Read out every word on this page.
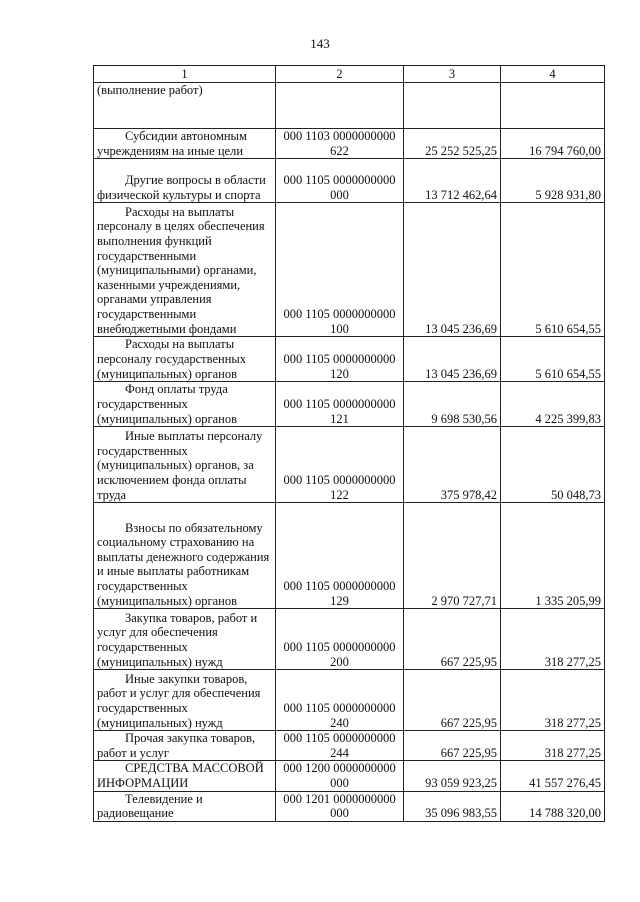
143
1	2	3	4
(выполнение работ)			

Субсидии автономным учреждениям на иные цели	000 1103 0000000000 622	25 252 525,25	16 794 760,00

Другие вопросы в области физической культуры и спорта	000 1105 0000000000 000	13 712 462,64	5 928 931,80

Расходы на выплаты персоналу в целях обеспечения выполнения функций государственными (муниципальными) органами, казенными учреждениями, органами управления государственными внебюджетными фондами	000 1105 0000000000 100	13 045 236,69	5 610 654,55

Расходы на выплаты персоналу государственных (муниципальных) органов	000 1105 0000000000 120	13 045 236,69	5 610 654,55

Фонд оплаты труда государственных (муниципальных) органов	000 1105 0000000000 121	9 698 530,56	4 225 399,83

Иные выплаты персоналу государственных (муниципальных) органов, за исключением фонда оплаты труда	000 1105 0000000000 122	375 978,42	50 048,73

Взносы по обязательному социальному страхованию на выплаты денежного содержания и иные выплаты работникам государственных (муниципальных) органов	000 1105 0000000000 129	2 970 727,71	1 335 205,99

Закупка товаров, работ и услуг для обеспечения государственных (муниципальных) нужд	000 1105 0000000000 200	667 225,95	318 277,25

Иные закупки товаров, работ и услуг для обеспечения государственных (муниципальных) нужд	000 1105 0000000000 240	667 225,95	318 277,25

Прочая закупка товаров, работ и услуг	000 1105 0000000000 244	667 225,95	318 277,25

СРЕДСТВА МАССОВОЙ ИНФОРМАЦИИ	000 1200 0000000000 000	93 059 923,25	41 557 276,45

Телевидение и радиовещание	000 1201 0000000000 000	35 096 983,55	14 788 320,00
